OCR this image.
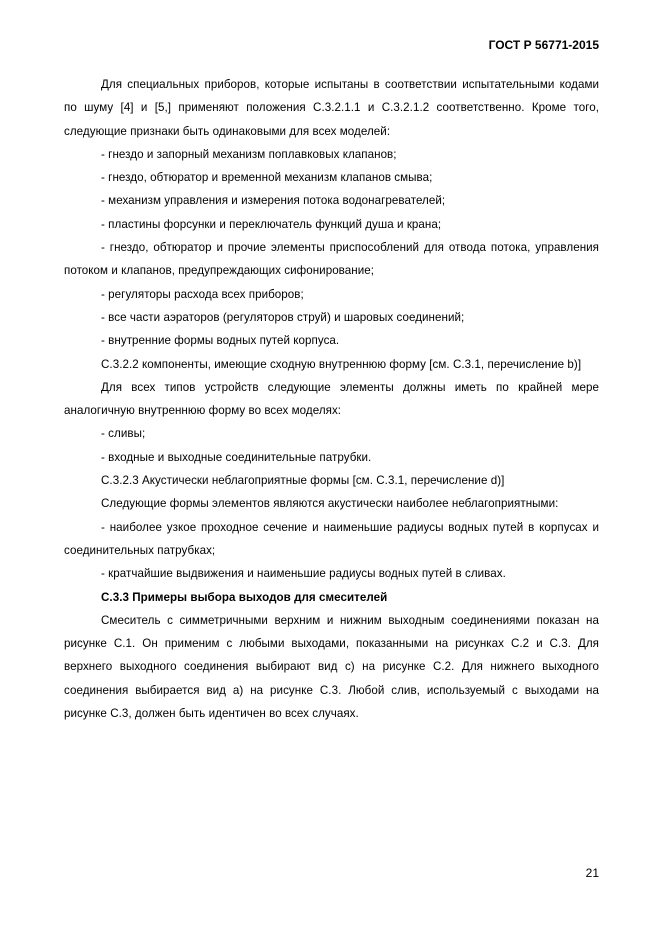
ГОСТ Р 56771-2015

Для специальных приборов, которые испытаны в соответствии испытательными кодами по шуму [4] и [5,] применяют положения С.3.2.1.1 и С.3.2.1.2 соответственно. Кроме того, следующие признаки быть одинаковыми для всех моделей:

- гнездо и запорный механизм поплавковых клапанов;

- гнездо, обтюратор и временной механизм клапанов смыва;

- механизм управления и измерения потока водонагревателей;

- пластины форсунки и переключатель функций душа и крана;

- гнездо, обтюратор и прочие элементы приспособлений для отвода потока, управления потоком и клапанов, предупреждающих сифонирование;

- регуляторы расхода всех приборов;

- все части аэраторов (регуляторов струй) и шаровых соединений;

- внутренние формы водных путей корпуса.

С.3.2.2 компоненты, имеющие сходную внутреннюю форму [см. С.3.1, перечисление b)]

Для всех типов устройств следующие элементы должны иметь по крайней мере аналогичную внутреннюю форму во всех моделях:

- сливы;

- входные и выходные соединительные патрубки.

С.3.2.3 Акустически неблагоприятные формы [см. С.3.1, перечисление d)]

Следующие формы элементов являются акустически наиболее неблагоприятными:

- наиболее узкое проходное сечение и наименьшие радиусы водных путей в корпусах и соединительных патрубках;

- кратчайшие выдвижения и наименьшие радиусы водных путей в сливах.

С.3.3 Примеры выбора выходов для смесителей

Смеситель с симметричными верхним и нижним выходным соединениями показан на рисунке С.1. Он применим с любыми выходами, показанными на рисунках С.2 и С.3. Для верхнего выходного соединения выбирают вид с) на рисунке С.2. Для нижнего выходного соединения выбирается вид а) на рисунке С.3. Любой слив, используемый с выходами на рисунке С.3, должен быть идентичен во всех случаях.

21
